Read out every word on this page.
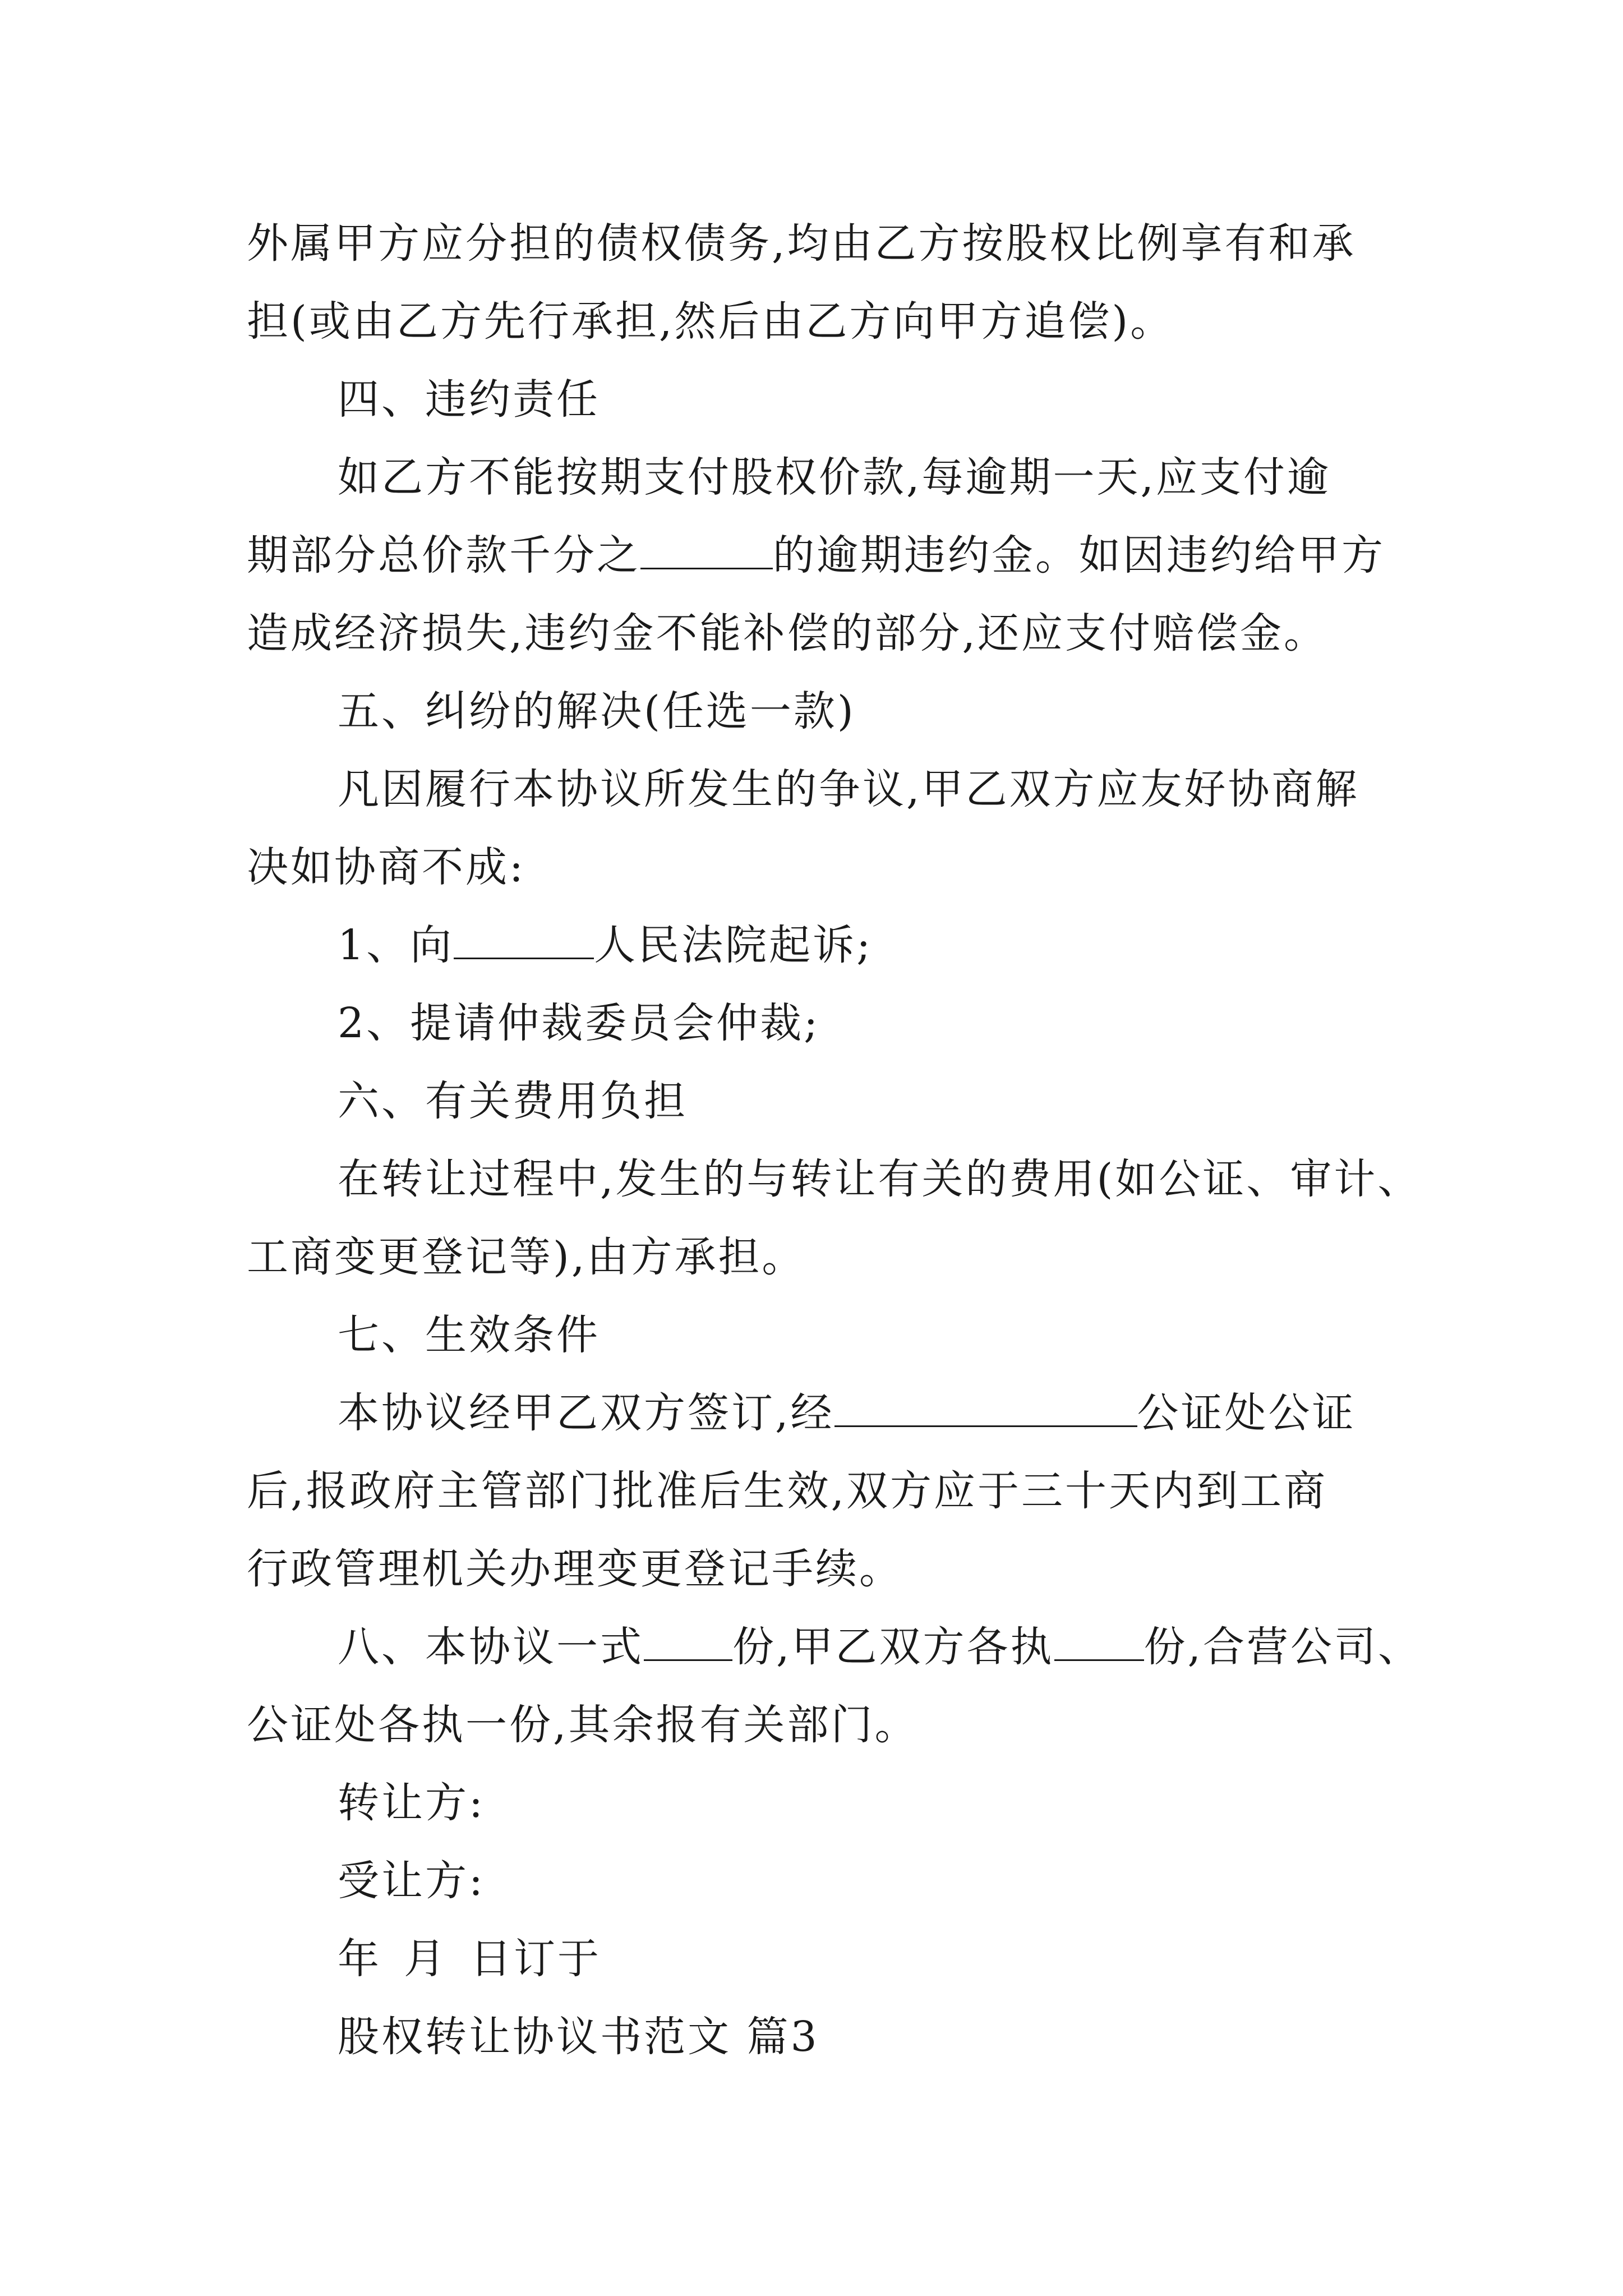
外属甲方应分担的债权债务,均由乙方按股权比例享有和承
担(或由乙方先行承担,然后由乙方向甲方追偿)。
四、违约责任
如乙方不能按期支付股权价款,每逾期一天,应支付逾
期部分总价款千分之	的逾期违约金。如因违约给甲方
造成经济损失,违约金不能补偿的部分,还应支付赔偿金。
五、纠纷的解决(任选一款)
凡因履行本协议所发生的争议,甲乙双方应友好协商解
决如协商不成:
1、向	人民法院起诉;
2、提请仲裁委员会仲裁;
六、有关费用负担
在转让过程中,发生的与转让有关的费用(如公证、审计、
工商变更登记等),由方承担。
七、生效条件
本协议经甲乙双方签订,经	公证处公证
后,报政府主管部门批准后生效,双方应于三十天内到工商
行政管理机关办理变更登记手续。
八、本协议一式 份,甲乙双方各执 份,合营公司、
公证处各执一份,其余报有关部门。
转让方:
受让方:
年 月 日订于
股权转让协议书范文 篇3
